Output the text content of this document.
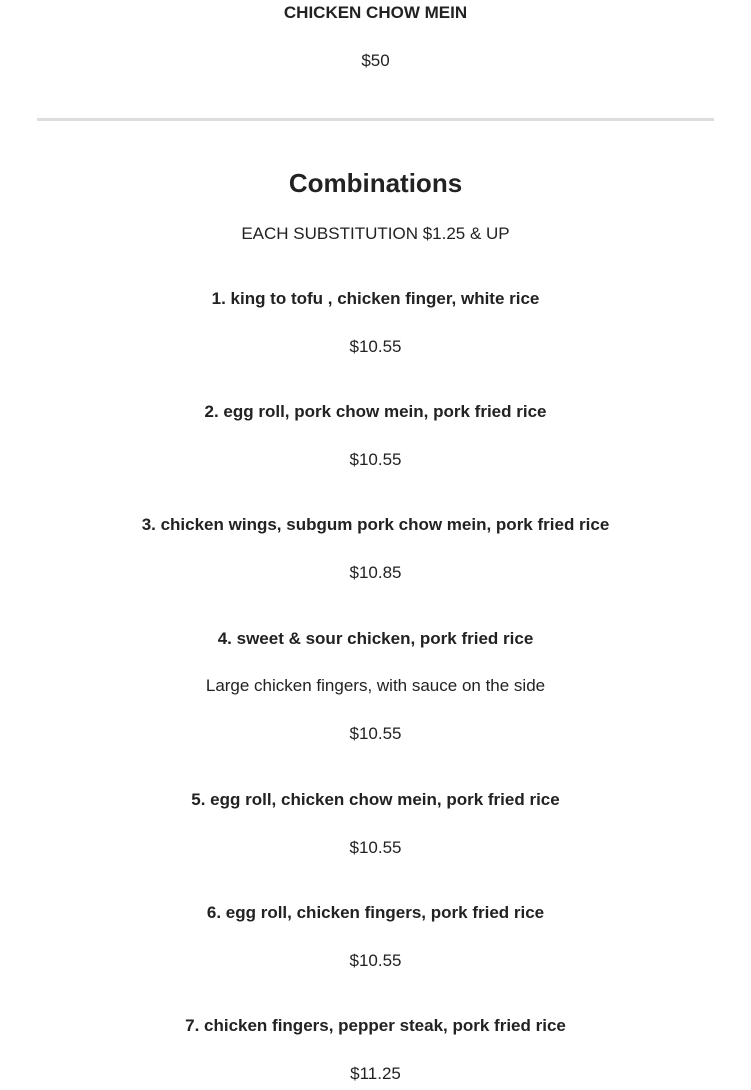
CHICKEN CHOW MEIN
$50
Combinations
EACH SUBSTITUTION $1.25 & UP

1. king to tofu , chicken finger, white rice

$10.55

2. egg roll, pork chow mein, pork fried rice

$10.55

3. chicken wings, subgum pork chow mein, pork fried rice

$10.85

4. sweet & sour chicken, pork fried rice

Large chicken fingers, with sauce on the side

$10.55

5. egg roll, chicken chow mein, pork fried rice

$10.55

6. egg roll, chicken fingers, pork fried rice

$10.55

7. chicken fingers, pepper steak, pork fried rice

$11.25
